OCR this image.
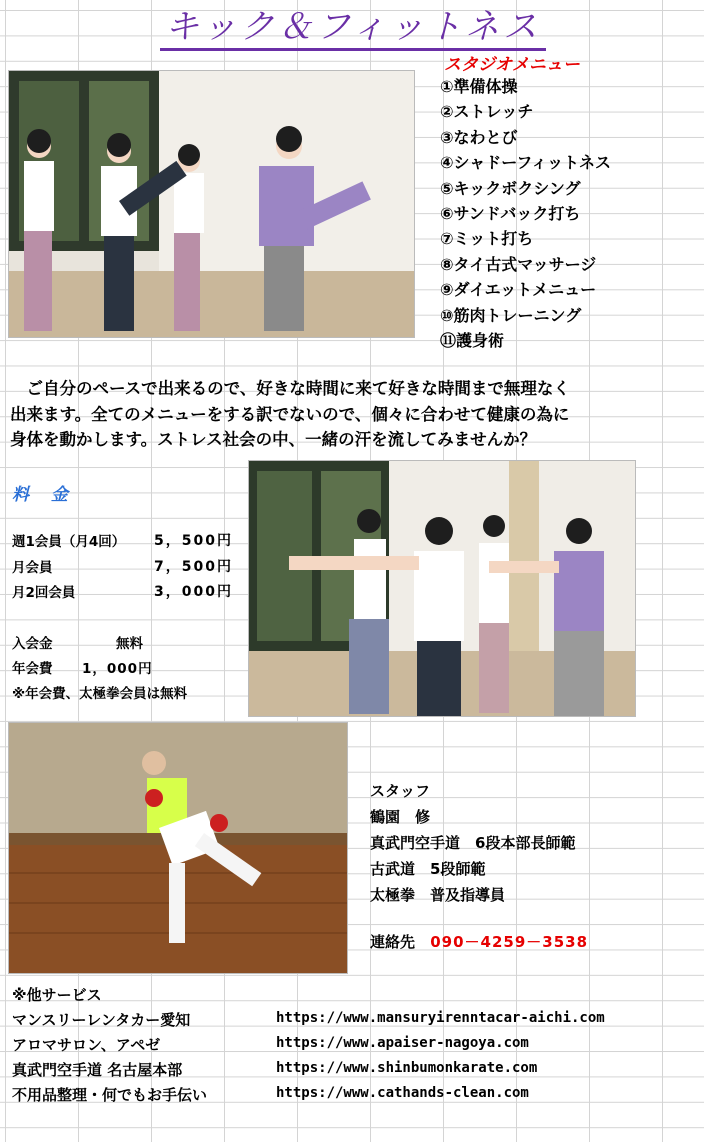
キック＆フィットネス
スタジオメニュー
①準備体操
②ストレッチ
③なわとび
④シャドーフィットネス
⑤キックボクシング
⑥サンドバック打ち
⑦ミット打ち
⑧タイ古式マッサージ
⑨ダイエットメニュー
⑩筋肉トレーニング
⑪護身術
　ご自分のペースで出来るので、好きな時間に来て好きな時間まで無理なく
出来ます。全てのメニューをする訳でないので、個々に合わせて健康の為に
身体を動かします。ストレス社会の中、一緒の汗を流してみませんか？
料 金
週1会員（月4回） 5，500円
月会員	7，500円
月2回会員	3，000円
入会金	無料
年会費 1，000円
※年会費、太極拳会員は無料
スタッフ
鶴園　修
真武門空手道　6段本部長師範
古武道　5段師範
太極拳　普及指導員
連絡先 090－4259－3538
※他サービス
マンスリーレンタカー愛知	https://www.mansuryirenntacar-aichi.com
アロマサロン、アペゼ	https://www.apaiser-nagoya.com
真武門空手道 名古屋本部	https://www.shinbumonkarate.com
不用品整理・何でもお手伝い	https://www.cathands-clean.com
